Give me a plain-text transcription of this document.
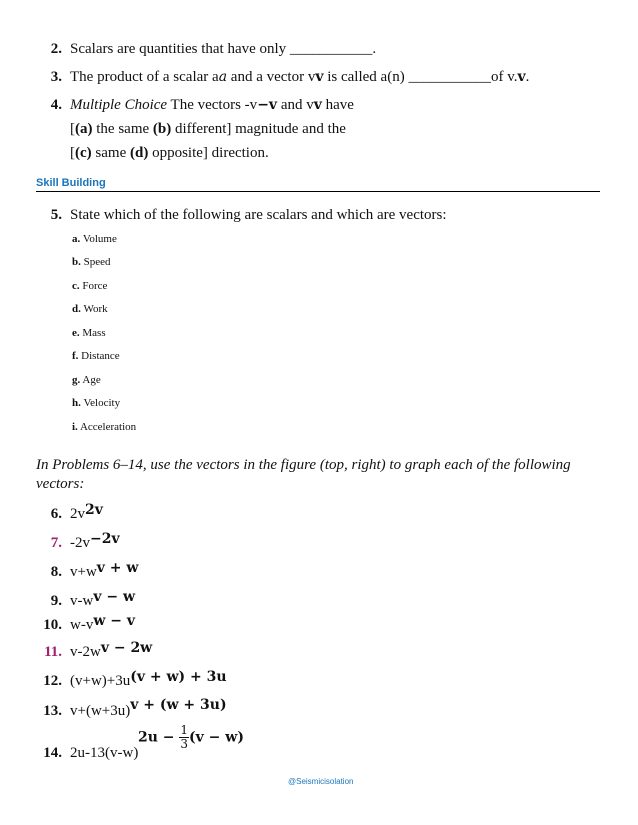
2. Scalars are quantities that have only ___________.
3. The product of a scalar aa and a vector vv is called a(n) ___________of v.v.
4. Multiple Choice The vectors -v−v and vv have
[(a) the same (b) different] magnitude and the
[(c) same (d) opposite] direction.
Skill Building
5. State which of the following are scalars and which are vectors:
a. Volume
b. Speed
c. Force
d. Work
e. Mass
f. Distance
g. Age
h. Velocity
i. Acceleration
In Problems 6–14, use the vectors in the figure (top, right) to graph each of the following vectors:
6. 2v2v
7. -2v−2v
8. v+wv + w
9. v-wv − w
10. w-vw − v
11. v-2wv − 2w
12. (v+w)+3u(v + w) + 3u
13. v+(w+3u)v + (w + 3u)
14. 2u-13(v-w)
$2u - \frac{1}{3} (v - w)$
@Seismicisolation
